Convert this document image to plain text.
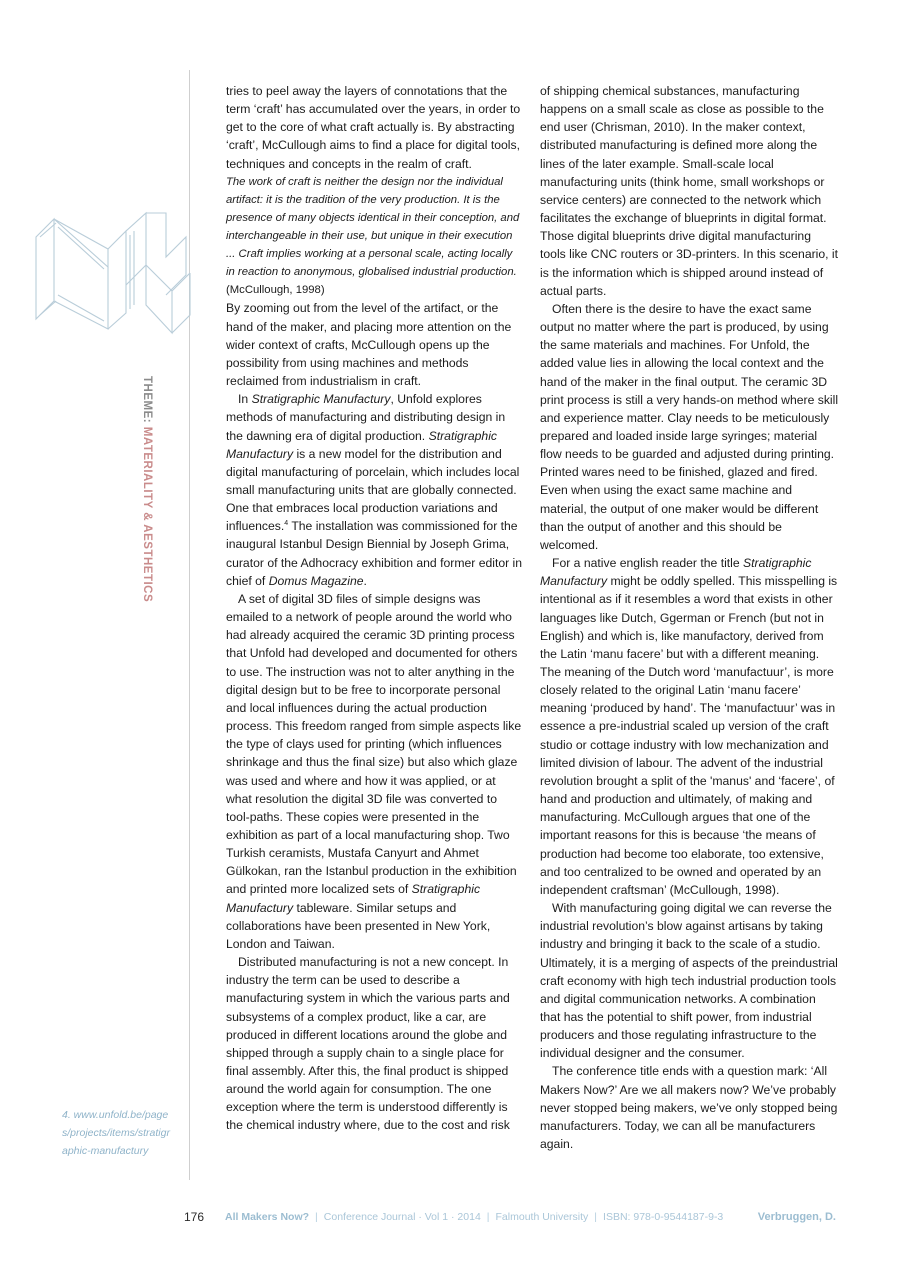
THEME: MATERIALITY & AESTHETICS
4. www.unfold.be/pages/projects/items/stratigraphic-manufactury

tries to peel away the layers of connotations that the term ‘craft’ has accumulated over the years, in order to get to the core of what craft actually is. By abstracting ‘craft’, McCullough aims to find a place for digital tools, techniques and concepts in the realm of craft.

The work of craft is neither the design nor the individual artifact: it is the tradition of the very production. It is the presence of many objects identical in their conception, and interchangeable in their use, but unique in their execution ... Craft implies working at a personal scale, acting locally in reaction to anonymous, globalised industrial production. (McCullough, 1998)

By zooming out from the level of the artifact, or the hand of the maker, and placing more attention on the wider context of crafts, McCullough opens up the possibility from using machines and methods reclaimed from industrialism in craft.

In Stratigraphic Manufactury, Unfold explores methods of manufacturing and distributing design in the dawning era of digital production. Stratigraphic Manufactury is a new model for the distribution and digital manufacturing of porcelain, which includes local small manufacturing units that are globally connected. One that embraces local production variations and influences.$^4$ The installation was commissioned for the inaugural Istanbul Design Biennial by Joseph Grima, curator of the Adhocracy exhibition and former editor in chief of Domus Magazine.

A set of digital 3D files of simple designs was emailed to a network of people around the world who had already acquired the ceramic 3D printing process that Unfold had developed and documented for others to use. The instruction was not to alter anything in the digital design but to be free to incorporate personal and local influences during the actual production process. This freedom ranged from simple aspects like the type of clays used for printing (which influences shrinkage and thus the final size) but also which glaze was used and where and how it was applied, or at what resolution the digital 3D file was converted to tool-paths. These copies were presented in the exhibition as part of a local manufacturing shop. Two Turkish ceramists, Mustafa Canyurt and Ahmet Gülkokan, ran the Istanbul production in the exhibition and printed more localized sets of Stratigraphic Manufactury tableware. Similar setups and collaborations have been presented in New York, London and Taiwan.

Distributed manufacturing is not a new concept. In industry the term can be used to describe a manufacturing system in which the various parts and subsystems of a complex product, like a car, are produced in different locations around the globe and shipped through a supply chain to a single place for final assembly. After this, the final product is shipped around the world again for consumption. The one exception where the term is understood differently is the chemical industry where, due to the cost and risk

of shipping chemical substances, manufacturing happens on a small scale as close as possible to the end user (Chrisman, 2010). In the maker context, distributed manufacturing is defined more along the lines of the later example. Small-scale local manufacturing units (think home, small workshops or service centers) are connected to the network which facilitates the exchange of blueprints in digital format. Those digital blueprints drive digital manufacturing tools like CNC routers or 3D-printers. In this scenario, it is the information which is shipped around instead of actual parts.

Often there is the desire to have the exact same output no matter where the part is produced, by using the same materials and machines. For Unfold, the added value lies in allowing the local context and the hand of the maker in the final output. The ceramic 3D print process is still a very hands-on method where skill and experience matter. Clay needs to be meticulously prepared and loaded inside large syringes; material flow needs to be guarded and adjusted during printing. Printed wares need to be finished, glazed and fired. Even when using the exact same machine and material, the output of one maker would be different than the output of another and this should be welcomed.

For a native english reader the title Stratigraphic Manufactury might be oddly spelled. This misspelling is intentional as if it resembles a word that exists in other languages like Dutch, Ggerman or French (but not in English) and which is, like manufactory, derived from the Latin ‘manu facere’ but with a different meaning. The meaning of the Dutch word ‘manufactuur’, is more closely related to the original Latin ‘manu facere’ meaning ‘produced by hand’. The ‘manufactuur’ was in essence a pre-industrial scaled up version of the craft studio or cottage industry with low mechanization and limited division of labour. The advent of the industrial revolution brought a split of the 'manus' and ‘facere’, of hand and production and ultimately, of making and manufacturing. McCullough argues that one of the important reasons for this is because ‘the means of production had become too elaborate, too extensive, and too centralized to be owned and operated by an independent craftsman’ (McCullough, 1998).

With manufacturing going digital we can reverse the industrial revolution’s blow against artisans by taking industry and bringing it back to the scale of a studio. Ultimately, it is a merging of aspects of the preindustrial craft economy with high tech industrial production tools and digital communication networks. A combination that has the potential to shift power, from industrial producers and those regulating infrastructure to the individual designer and the consumer.

The conference title ends with a question mark: ‘All Makers Now?’ Are we all makers now? We’ve probably never stopped being makers, we’ve only stopped being manufacturers. Today, we can all be manufacturers again.

176 All Makers Now? | Conference Journal · Vol 1 · 2014 | Falmouth University | ISBN: 978-0-9544187-9-3	Verbruggen, D.
